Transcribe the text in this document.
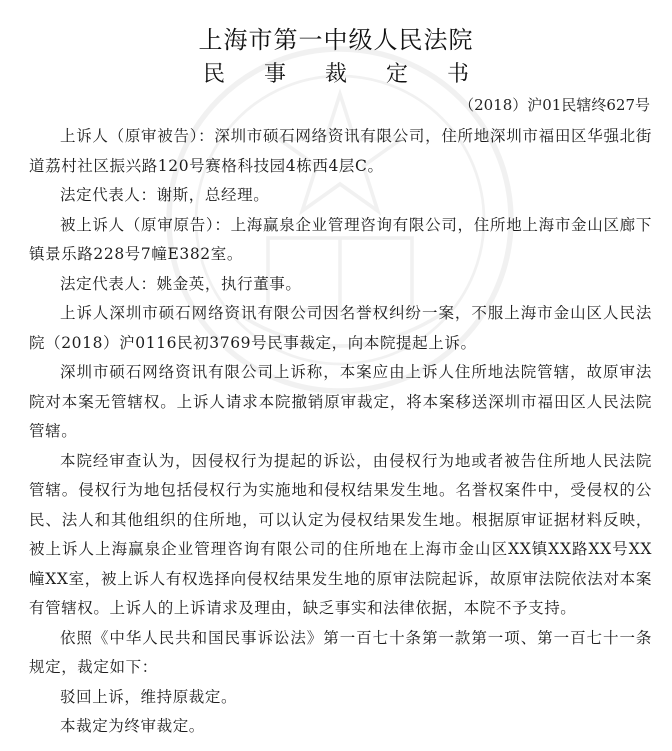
上海市第一中级人民法院
民 事 裁 定 书
（2018）沪01民辖终627号

上诉人（原审被告）：深圳市硕石网络资讯有限公司，住所地深圳市福田区华强北街道荔村社区振兴路120号赛格科技园4栋西4层C。

法定代表人：谢斯，总经理。

被上诉人（原审原告）：上海赢泉企业管理咨询有限公司，住所地上海市金山区廊下镇景乐路228号7幢E382室。

法定代表人：姚金英，执行董事。

上诉人深圳市硕石网络资讯有限公司因名誉权纠纷一案，不服上海市金山区人民法院（2018）沪0116民初3769号民事裁定，向本院提起上诉。

深圳市硕石网络资讯有限公司上诉称，本案应由上诉人住所地法院管辖，故原审法院对本案无管辖权。上诉人请求本院撤销原审裁定，将本案移送深圳市福田区人民法院管辖。

本院经审查认为，因侵权行为提起的诉讼，由侵权行为地或者被告住所地人民法院管辖。侵权行为地包括侵权行为实施地和侵权结果发生地。名誉权案件中，受侵权的公民、法人和其他组织的住所地，可以认定为侵权结果发生地。根据原审证据材料反映，被上诉人上海赢泉企业管理咨询有限公司的住所地在上海市金山区XX镇XX路XX号XX幢XX室，被上诉人有权选择向侵权结果发生地的原审法院起诉，故原审法院依法对本案有管辖权。上诉人的上诉请求及理由，缺乏事实和法律依据，本院不予支持。

依照《中华人民共和国民事诉讼法》第一百七十条第一款第一项、第一百七十一条规定，裁定如下：

驳回上诉，维持原裁定。

本裁定为终审裁定。
